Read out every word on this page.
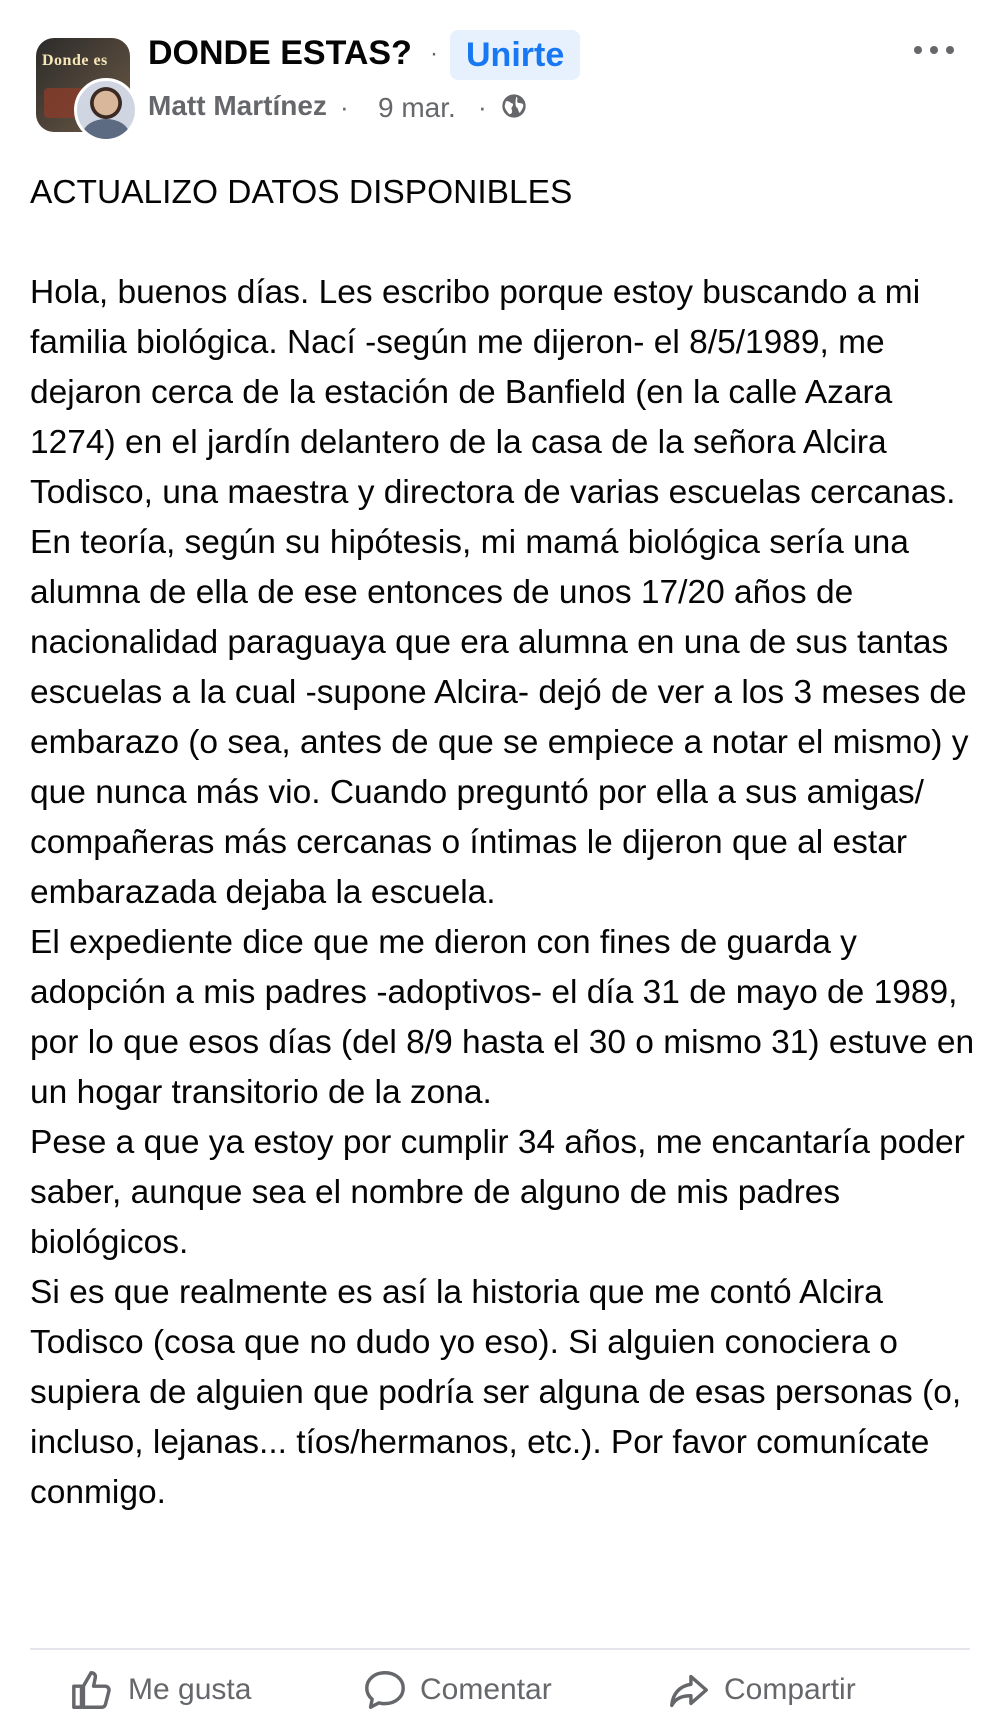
Donde es DONDE ESTAS? · Unirte
Matt Martínez · 9 mar. ·

ACTUALIZO DATOS DISPONIBLES

Hola, buenos días. Les escribo porque estoy buscando a mi familia biológica. Nací -según me dijeron- el 8/5/1989, me dejaron cerca de la estación de Banfield (en la calle Azara 1274) en el jardín delantero de la casa de la señora Alcira Todisco, una maestra y directora de varias escuelas cercanas.

En teoría, según su hipótesis, mi mamá biológica sería una alumna de ella de ese entonces de unos 17/20 años de nacionalidad paraguaya que era alumna en una de sus tantas escuelas a la cual -supone Alcira- dejó de ver a los 3 meses de embarazo (o sea, antes de que se empiece a notar el mismo) y que nunca más vio. Cuando preguntó por ella a sus amigas/ compañeras más cercanas o íntimas le dijeron que al estar embarazada dejaba la escuela.

El expediente dice que me dieron con fines de guarda y adopción a mis padres -adoptivos- el día 31 de mayo de 1989, por lo que esos días (del 8/9 hasta el 30 o mismo 31) estuve en un hogar transitorio de la zona.

Pese a que ya estoy por cumplir 34 años, me encantaría poder saber, aunque sea el nombre de alguno de mis padres biológicos.

Si es que realmente es así la historia que me contó Alcira Todisco (cosa que no dudo yo eso). Si alguien conociera o supiera de alguien que podría ser alguna de esas personas (o, incluso, lejanas... tíos/hermanos, etc.). Por favor comunícate conmigo.

Me gusta	Comentar	Compartir
